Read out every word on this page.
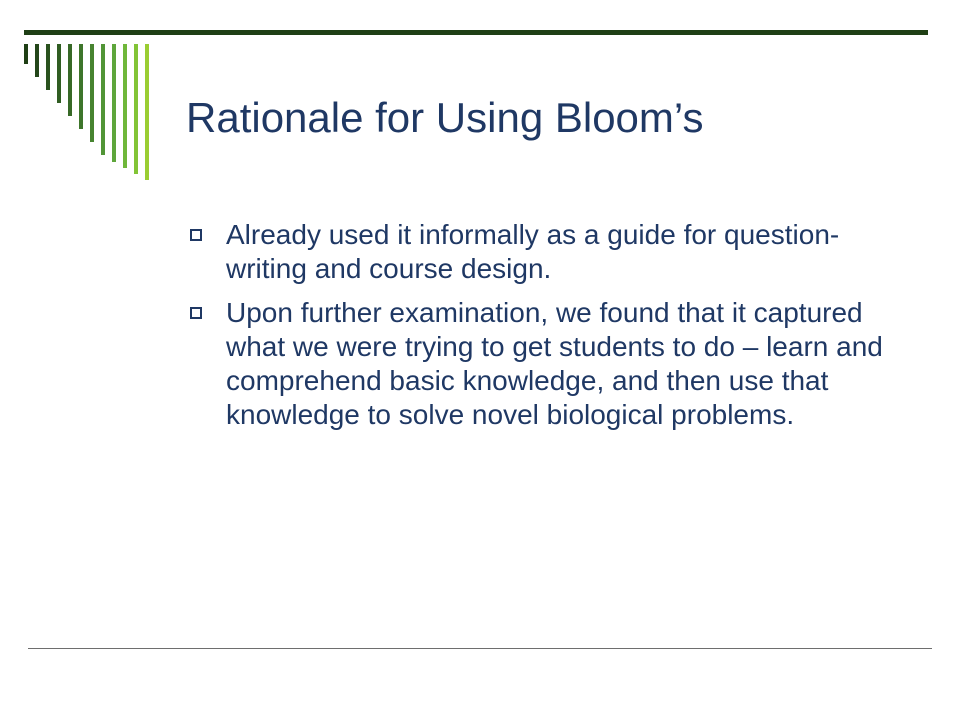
Rationale for Using Bloom’s
Already used it informally as a guide for question-writing and course design.
Upon further examination, we found that it captured what we were trying to get students to do – learn and comprehend basic knowledge, and then use that knowledge to solve novel biological problems.
